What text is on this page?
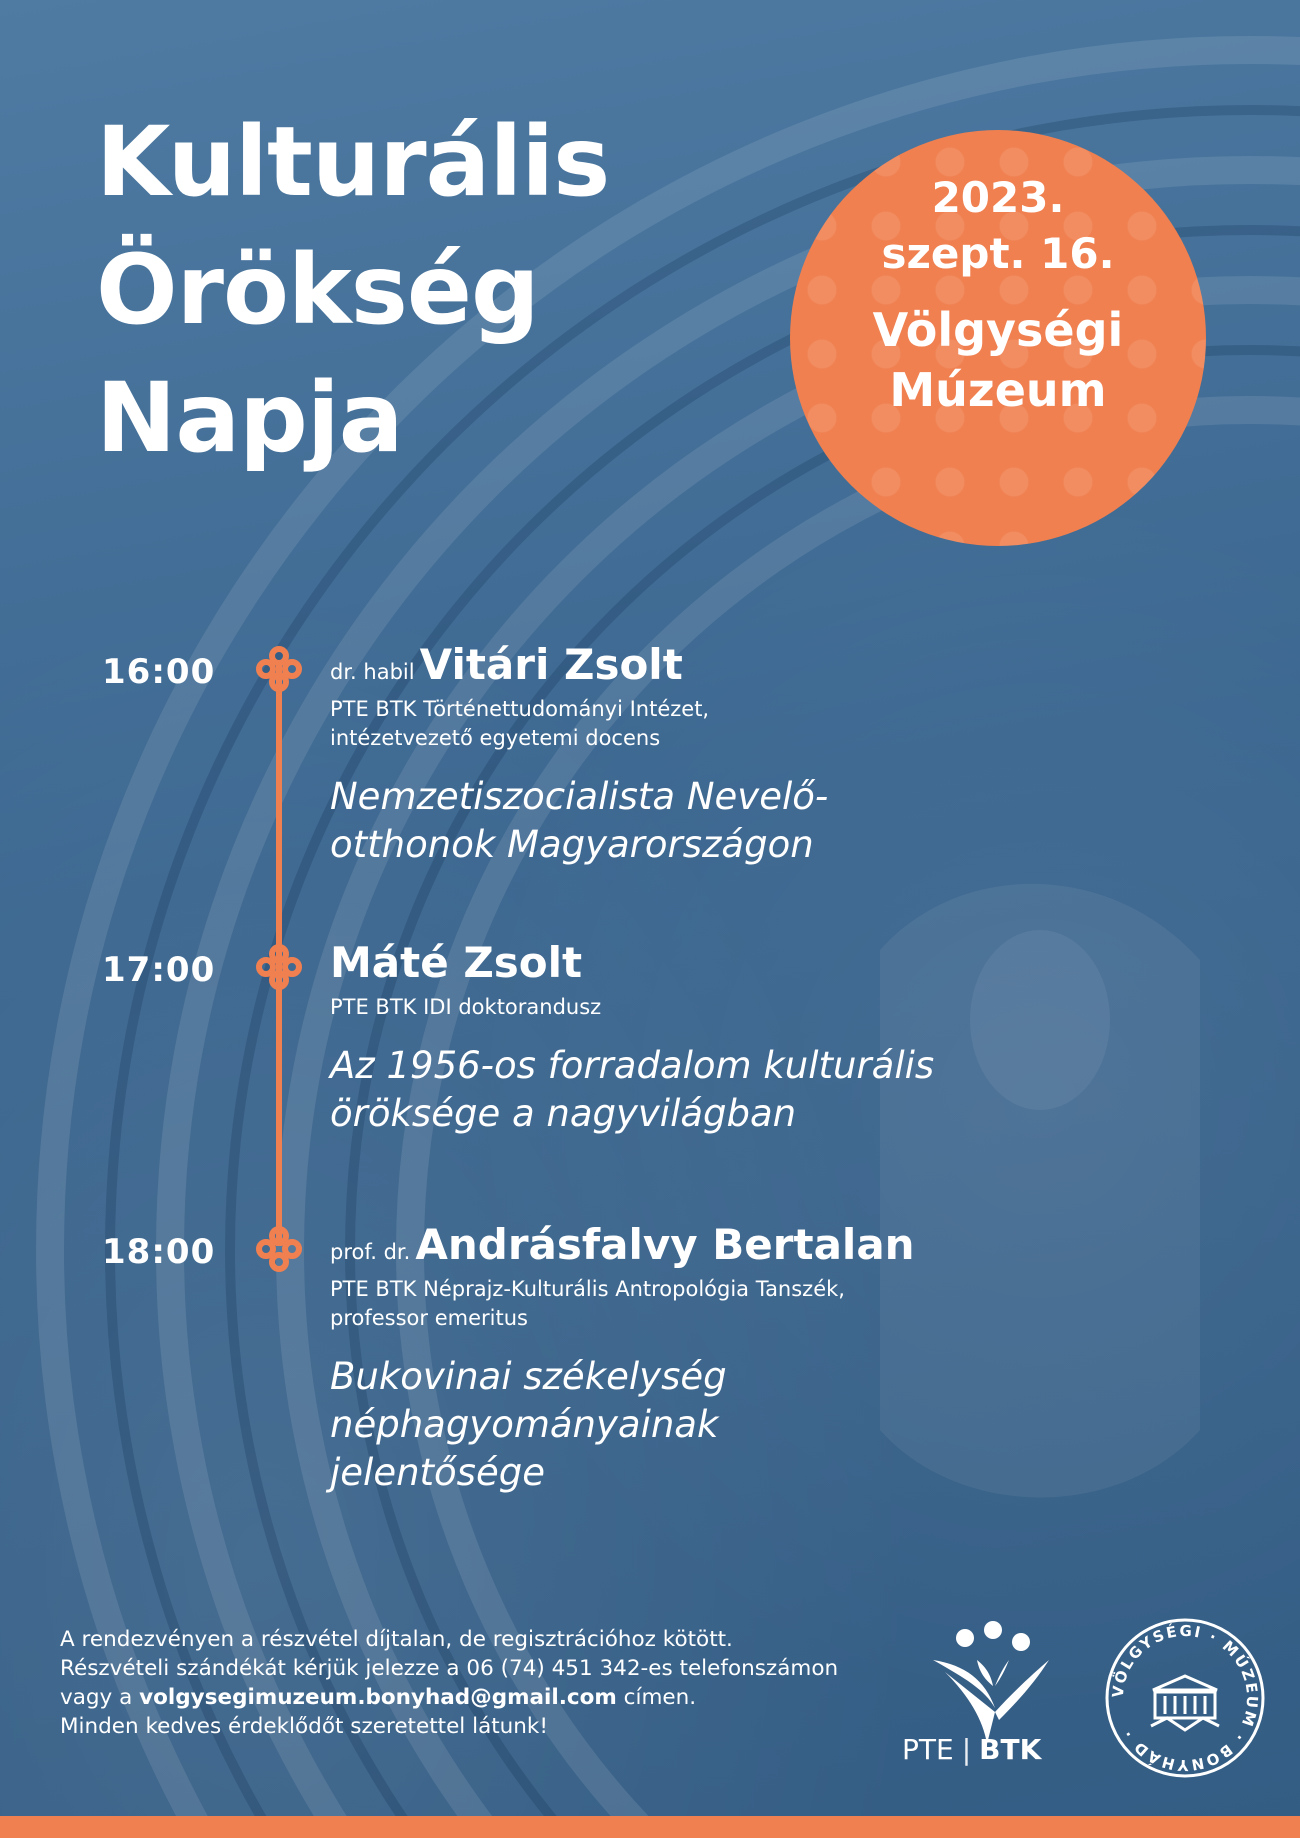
Kulturális
Örökség
Napja
2023.
szept. 16.
Völgységi
Múzeum
16:00	dr. habil Vitári Zsolt
PTE BTK Történettudományi Intézet,
intézetvezető egyetemi docens
Nemzetiszocialista Nevelő-
otthonok Magyarországon
17:00	Máté Zsolt
PTE BTK IDI doktorandusz
Az 1956-os forradalom kulturális
öröksége a nagyvilágban
18:00	prof. dr. Andrásfalvy Bertalan
PTE BTK Néprajz-Kulturális Antropológia Tanszék,
professor emeritus
Bukovinai székelység
néphagyományainak
jelentősége
A rendezvényen a részvétel díjtalan, de regisztrációhoz kötött.
Részvételi szándékát kérjük jelezze a 06 (74) 451 342-es telefonszámon
vagy a volgysegimuzeum.bonyhad@gmail.com címen.
Minden kedves érdeklődőt szeretettel látunk!
PTE | BTK
VÖLGYSÉGI · MÚZEUM · BONYHÁD ·
